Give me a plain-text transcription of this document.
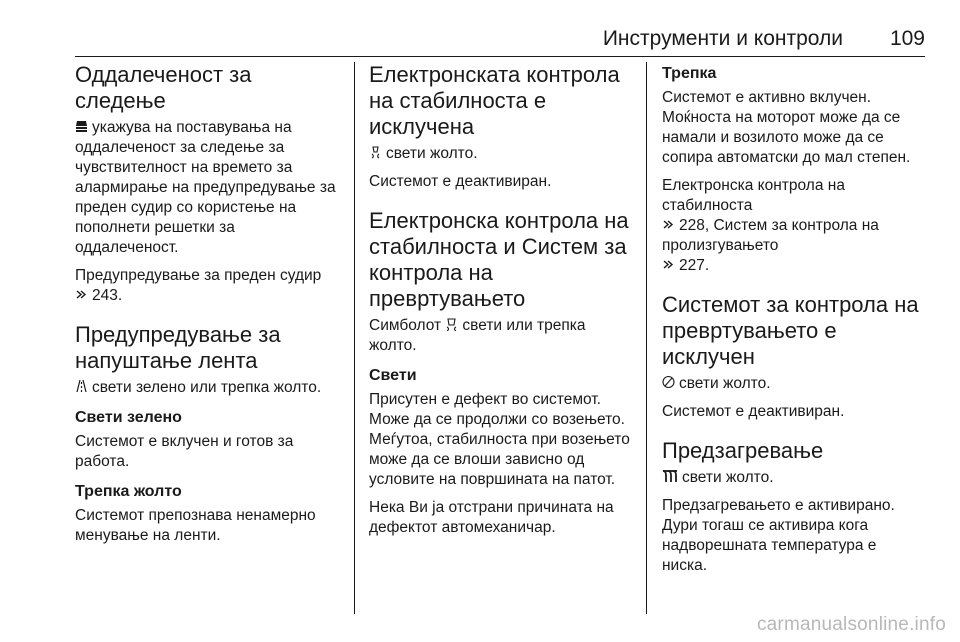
Инструменти и контроли 109
Оддалеченост за следење
укажува на поставувања на оддалеченост за следење за чувствителност на времето за алармирање на предупредување за преден судир со користење на пополнети решетки за оддалеченост.
Предупредување за преден судир

243.
Предупредување за напуштање лента
свети зелено или трепка жолто.
Свети зелено
Системот е вклучен и готов за работа.
Трепка жолто
Системот препознава ненамерно менување на ленти.
Електронската контрола на стабилноста е исклучена
свети жолто.
Системот е деактивиран.
Електронска контрола на стабилноста и Систем за контрола на превртувањето
Симболот свети или трепка жолто.
Свети
Присутен е дефект во системот. Може да се продолжи со возењето. Меѓутоа, стабилноста при возењето може да се влоши зависно од условите на површината на патот.
Нека Ви ја отстрани причината на дефектот автомеханичар.
Трепка
Системот е активно вклучен. Моќноста на моторот може да се намали и возилото може да се сопира автоматски до мал степен.
Електронска контрола на стабилноста

228, Систем за контрола на пролизгувањето

227.
Системот за контрола на превртувањето е исклучен
свети жолто.
Системот е деактивиран.
Предзагревање
свети жолто.
Предзагревањето е активирано. Дури тогаш се активира кога надворешната температура е ниска.
carmanualsonline.info
